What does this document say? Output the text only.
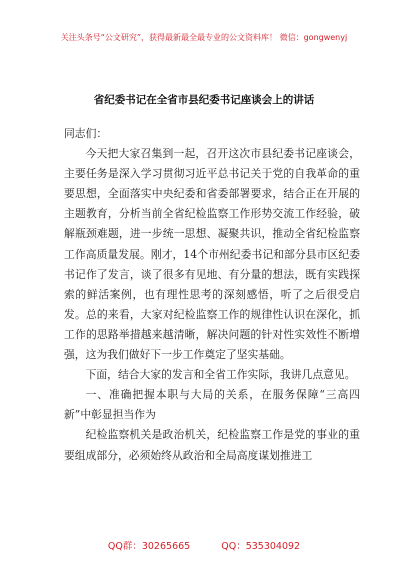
关注头条号“公文研究”，获得最新最全最专业的公文资料库！ 微信：gongwenyj
省纪委书记在全省市县纪委书记座谈会上的讲话

同志们：

今天把大家召集到一起，召开这次市县纪委书记座谈会，主要任务是深入学习贯彻习近平总书记关于党的自我革命的重要思想，全面落实中央纪委和省委部署要求，结合正在开展的主题教育，分析当前全省纪检监察工作形势交流工作经验，破解瓶颈难题，进一步统一思想、凝聚共识，推动全省纪检监察工作高质量发展。刚才，14个市州纪委书记和部分县市区纪委书记作了发言，谈了很多有见地、有分量的想法，既有实践探索的鲜活案例，也有理性思考的深刻感悟，听了之后很受启发。总的来看，大家对纪检监察工作的规律性认识在深化，抓工作的思路举措越来越清晰，解决问题的针对性实效性不断增强，这为我们做好下一步工作奠定了坚实基础。

下面，结合大家的发言和全省工作实际，我讲几点意见。

一、准确把握本职与大局的关系，在服务保障“三高四新”中彰显担当作为

纪检监察机关是政治机关，纪检监察工作是党的事业的重要组成部分，必须始终从政治和全局高度谋划推进工

QQ群：30265665	QQ：535304092
